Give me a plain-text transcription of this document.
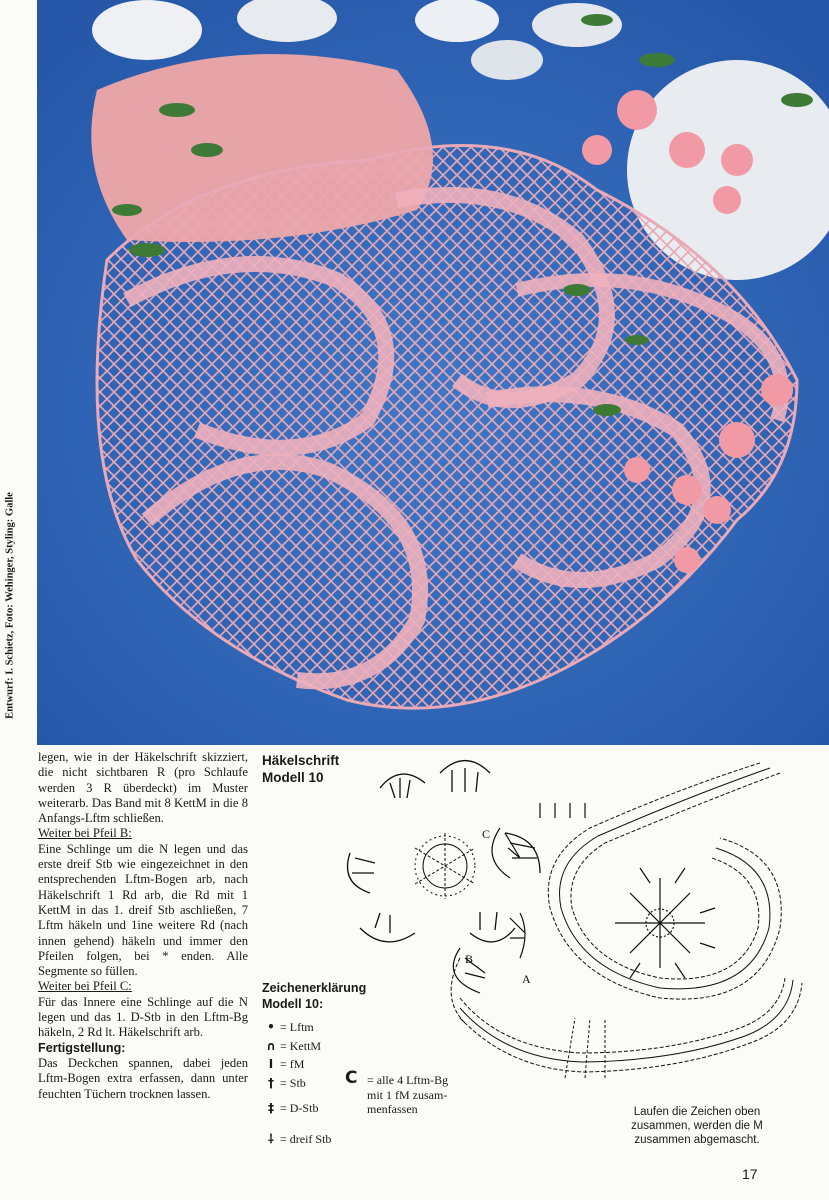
Entwurf: I. Schietz, Foto: Wehinger, Styling: Galle

legen, wie in der Häkelschrift skizziert, die nicht sichtbaren R (pro Schlaufe werden 3 R überdeckt) im Muster weiterarb. Das Band mit 8 KettM in die 8 Anfangs-Lftm schließen.

Weiter bei Pfeil B:

Eine Schlinge um die N legen und das erste dreif Stb wie eingezeichnet in den entsprechenden Lftm-Bogen arb, nach Häkelschrift 1 Rd arb, die Rd mit 1 KettM in das 1. dreif Stb aschließen, 7 Lftm häkeln und 1ine weitere Rd (nach innen gehend) häkeln und immer den Pfeilen folgen, bei * enden. Alle Segmente so füllen.

Weiter bei Pfeil C:

Für das Innere eine Schlinge auf die N legen und das 1. D-Stb in den Lftm-Bg häkeln, 2 Rd lt. Häkelschrift arb.

Fertigstellung:

Das Deckchen spannen, dabei jeden Lftm-Bogen extra erfassen, dann unter feuchten Tüchern trocknen lassen.

Häkelschrift
Modell 10
A
B
C
Zeichenerklärung
Modell 10:
• = Lftm
∩ = KettM
I = fM
† = Stb
‡ = D-Stb
⸸ = dreif Stb
C = alle 4 Lftm-Bg
mit 1 fM zusam-
menfassen	Laufen die Zeichen oben zusammen, werden die M zusammen abgemascht.
17
